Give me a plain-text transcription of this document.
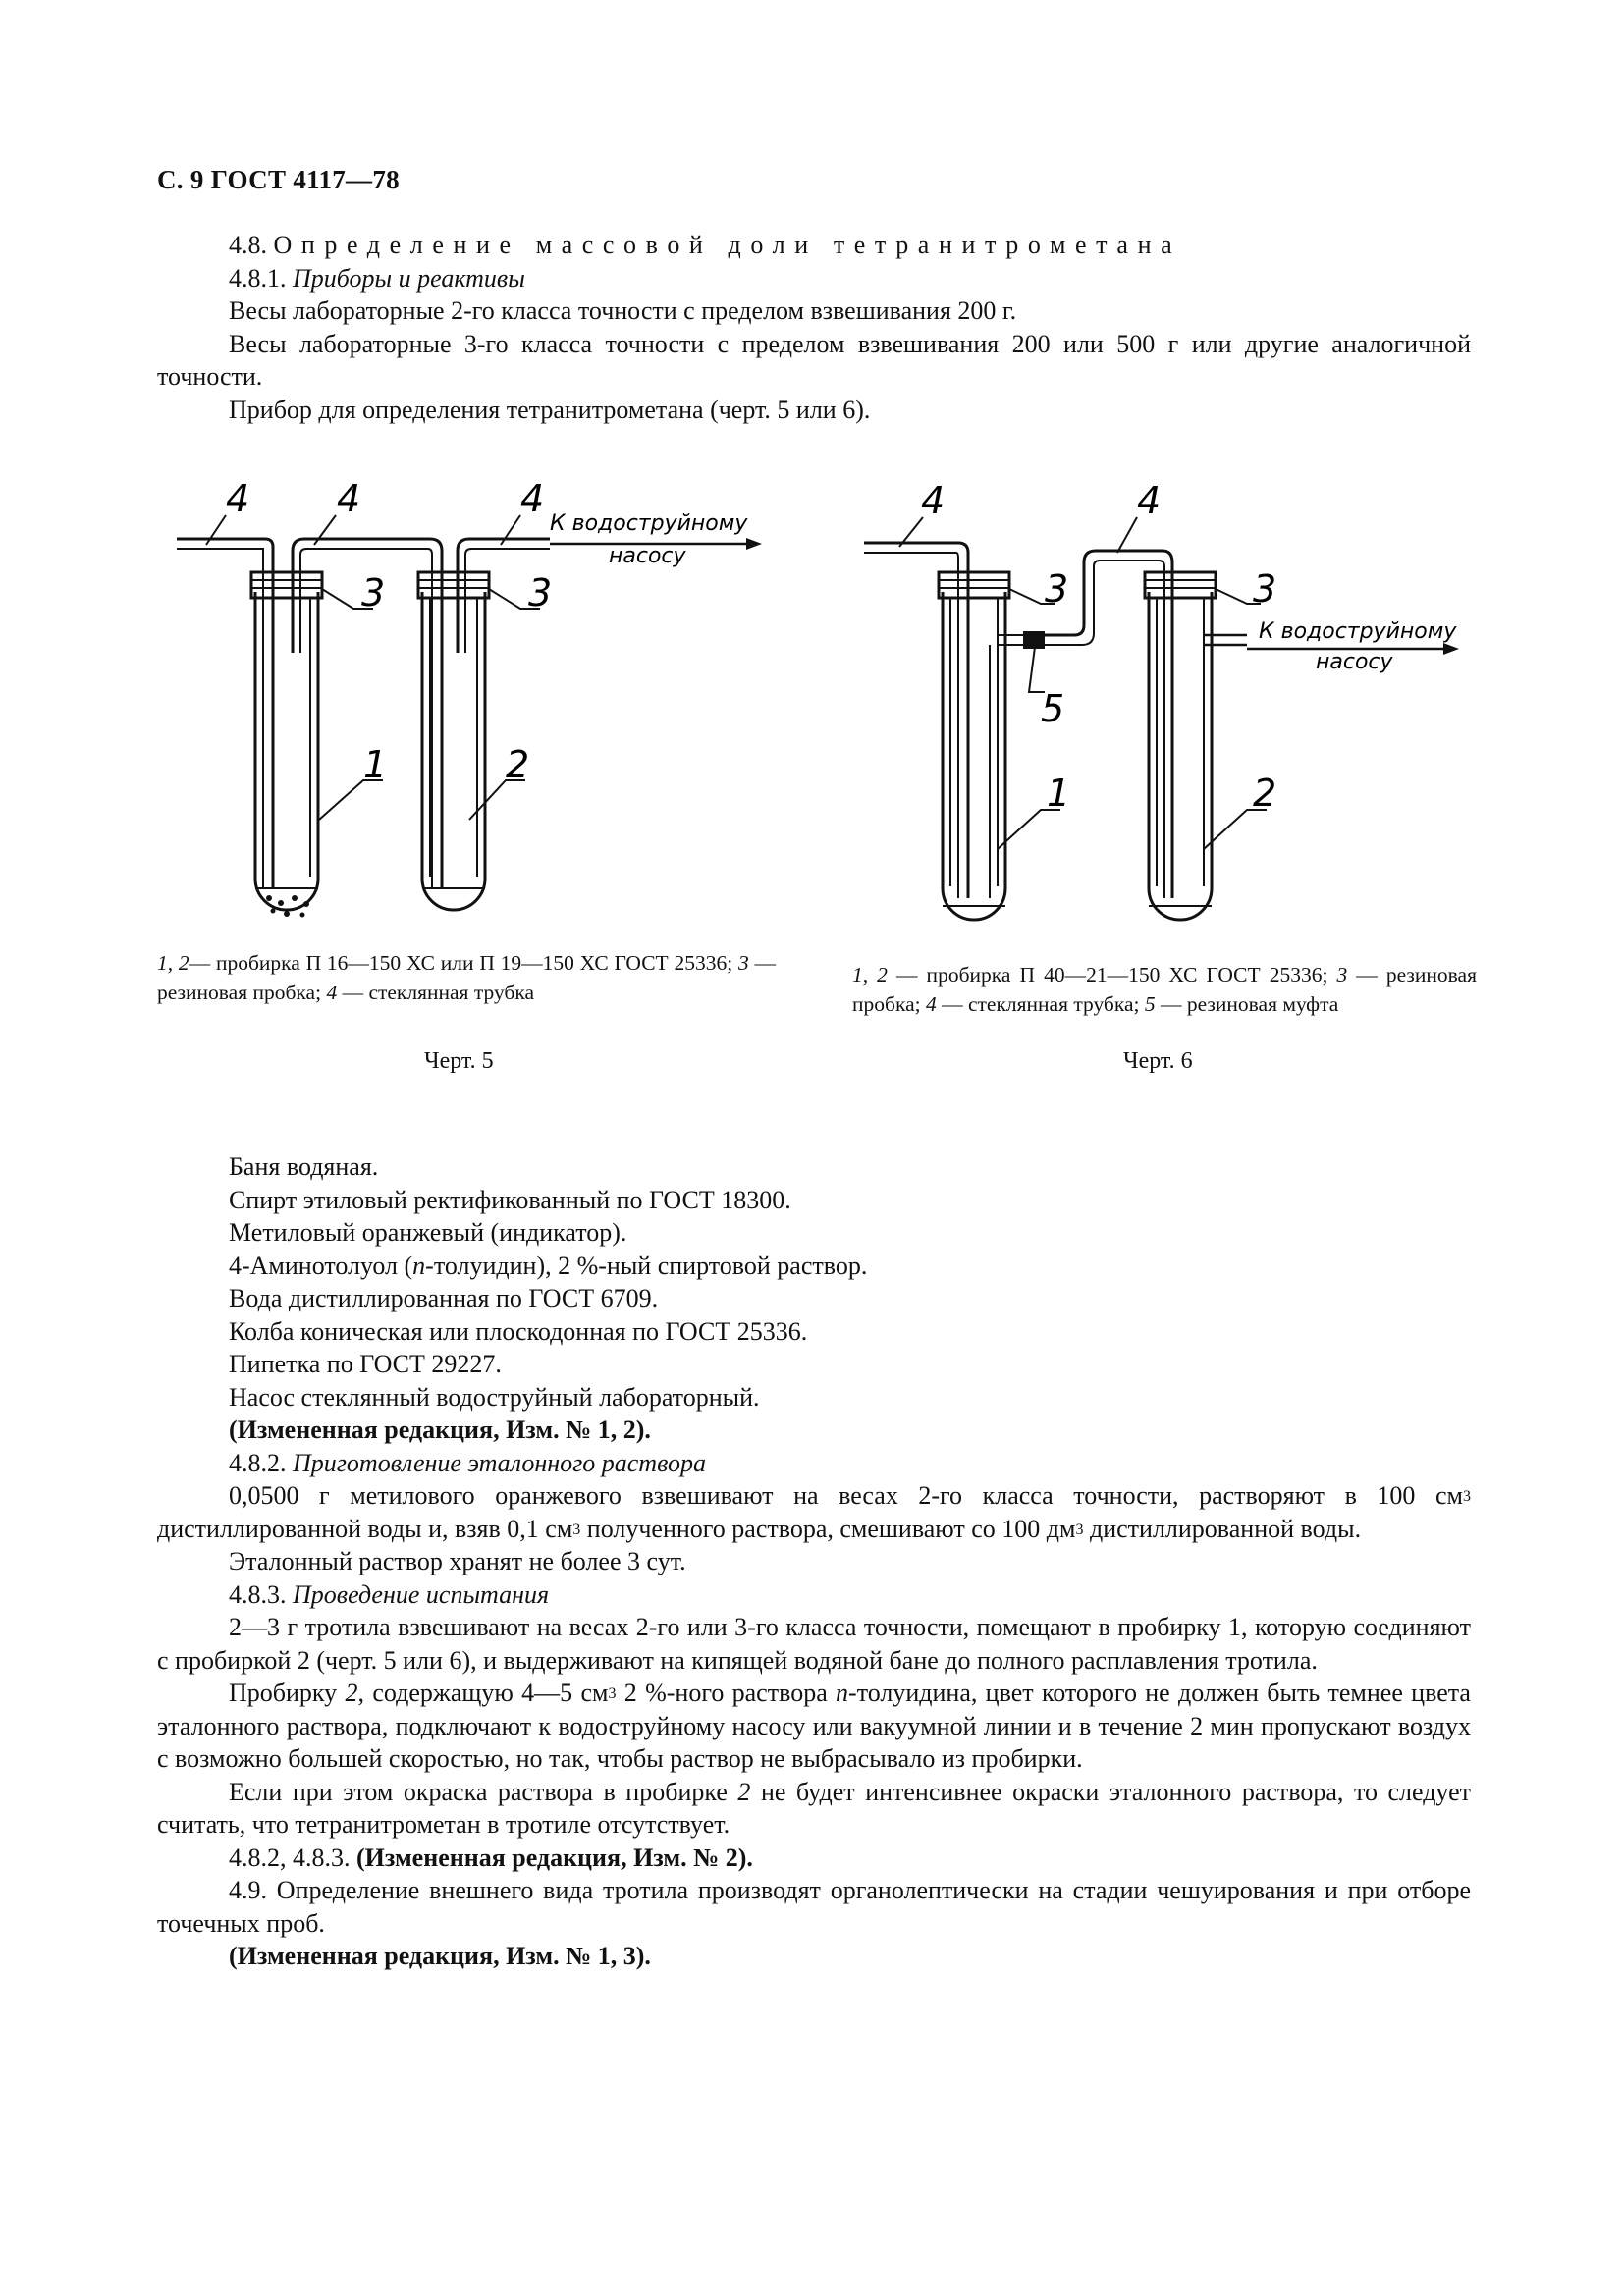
С. 9 ГОСТ 4117—78

4.8. Определение массовой доли тетранитрометана

4.8.1. Приборы и реактивы

Весы лабораторные 2-го класса точности с пределом взвешивания 200 г.

Весы лабораторные 3-го класса точности с пределом взвешивания 200 или 500 г или другие аналогичной точности.

Прибор для определения тетранитрометана (черт. 5 или 6).

4 4	4
3	3
1	2
К водоструйному
насосу
1, 2— пробирка П 16—150 ХС или П 19—150 ХС ГОСТ 25336; 3 — резиновая пробка; 4 — стеклянная трубка
Черт. 5
4	4
3	3
5
1	2
К водоструйному
насосу
1, 2 — пробирка П 40—21—150 ХС ГОСТ 25336; 3 — резиновая пробка; 4 — стеклянная трубка; 5 — резиновая муфта
Черт. 6

Баня водяная.

Спирт этиловый ректификованный по ГОСТ 18300.

Метиловый оранжевый (индикатор).

4-Аминотолуол (n-толуидин), 2 %-ный спиртовой раствор.

Вода дистиллированная по ГОСТ 6709.

Колба коническая или плоскодонная по ГОСТ 25336.

Пипетка по ГОСТ 29227.

Насос стеклянный водоструйный лабораторный.

(Измененная редакция, Изм. № 1, 2).

4.8.2. Приготовление эталонного раствора

0,0500 г метилового оранжевого взвешивают на весах 2-го класса точности, растворяют в 100 $см^3$ дистиллированной воды и, взяв 0,1 $см^3$ полученного раствора, смешивают со 100 $дм^3$ дистиллированной воды.

Эталонный раствор хранят не более 3 сут.

4.8.3. Проведение испытания

2—3 г тротила взвешивают на весах 2-го или 3-го класса точности, помещают в пробирку 1, которую соединяют с пробиркой 2 (черт. 5 или 6), и выдерживают на кипящей водяной бане до полного расплавления тротила.

Пробирку 2, содержащую 4—5 $см^3$ 2 %-ного раствора n-толуидина, цвет которого не должен быть темнее цвета эталонного раствора, подключают к водоструйному насосу или вакуумной линии и в течение 2 мин пропускают воздух с возможно большей скоростью, но так, чтобы раствор не выбрасывало из пробирки.

Если при этом окраска раствора в пробирке 2 не будет интенсивнее окраски эталонного раствора, то следует считать, что тетранитрометан в тротиле отсутствует.

4.8.2, 4.8.3. (Измененная редакция, Изм. № 2).

4.9. Определение внешнего вида тротила производят органолептически на стадии чешуирования и при отборе точечных проб.

(Измененная редакция, Изм. № 1, 3).
